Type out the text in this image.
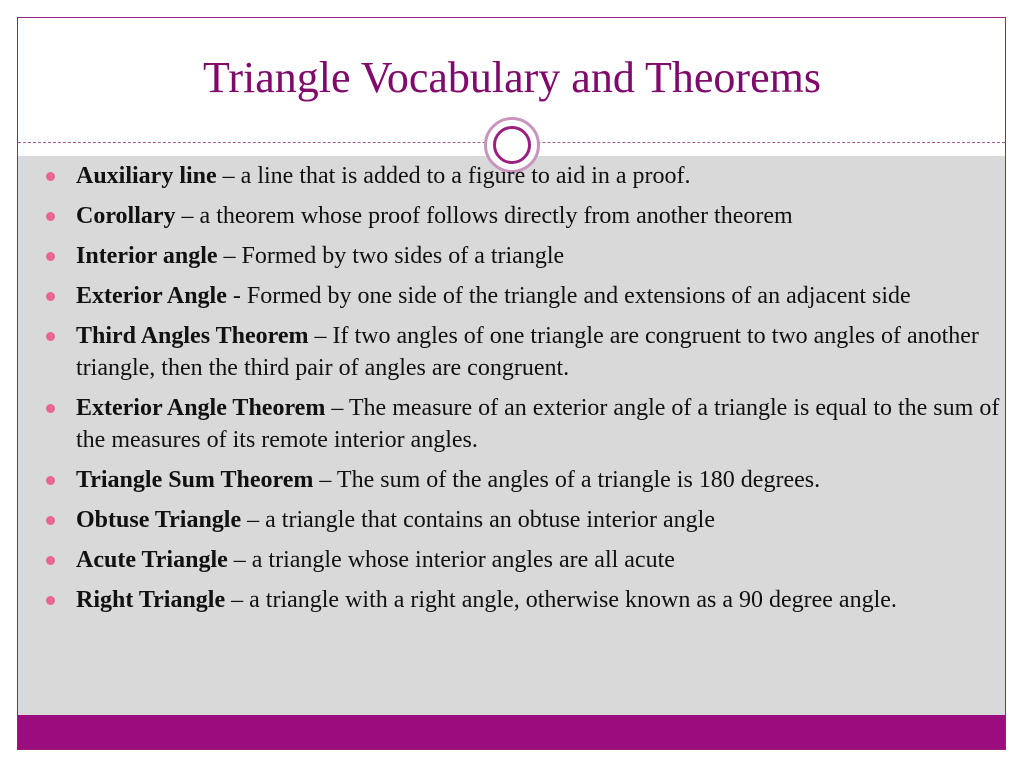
Triangle Vocabulary and Theorems
Auxiliary line – a line that is added to a figure to aid in a proof.
Corollary – a theorem whose proof follows directly from another theorem
Interior angle – Formed by two sides of a triangle
Exterior Angle - Formed by one side of the triangle and extensions of an adjacent side
Third Angles Theorem – If two angles of one triangle are congruent to two angles of another triangle, then the third pair of angles are congruent.
Exterior Angle Theorem – The measure of an exterior angle of a triangle is equal to the sum of the measures of its remote interior angles.
Triangle Sum Theorem – The sum of the angles of a triangle is 180 degrees.
Obtuse Triangle – a triangle that contains an obtuse interior angle
Acute Triangle – a triangle whose interior angles are all acute
Right Triangle – a triangle with a right angle, otherwise known as a 90 degree angle.
